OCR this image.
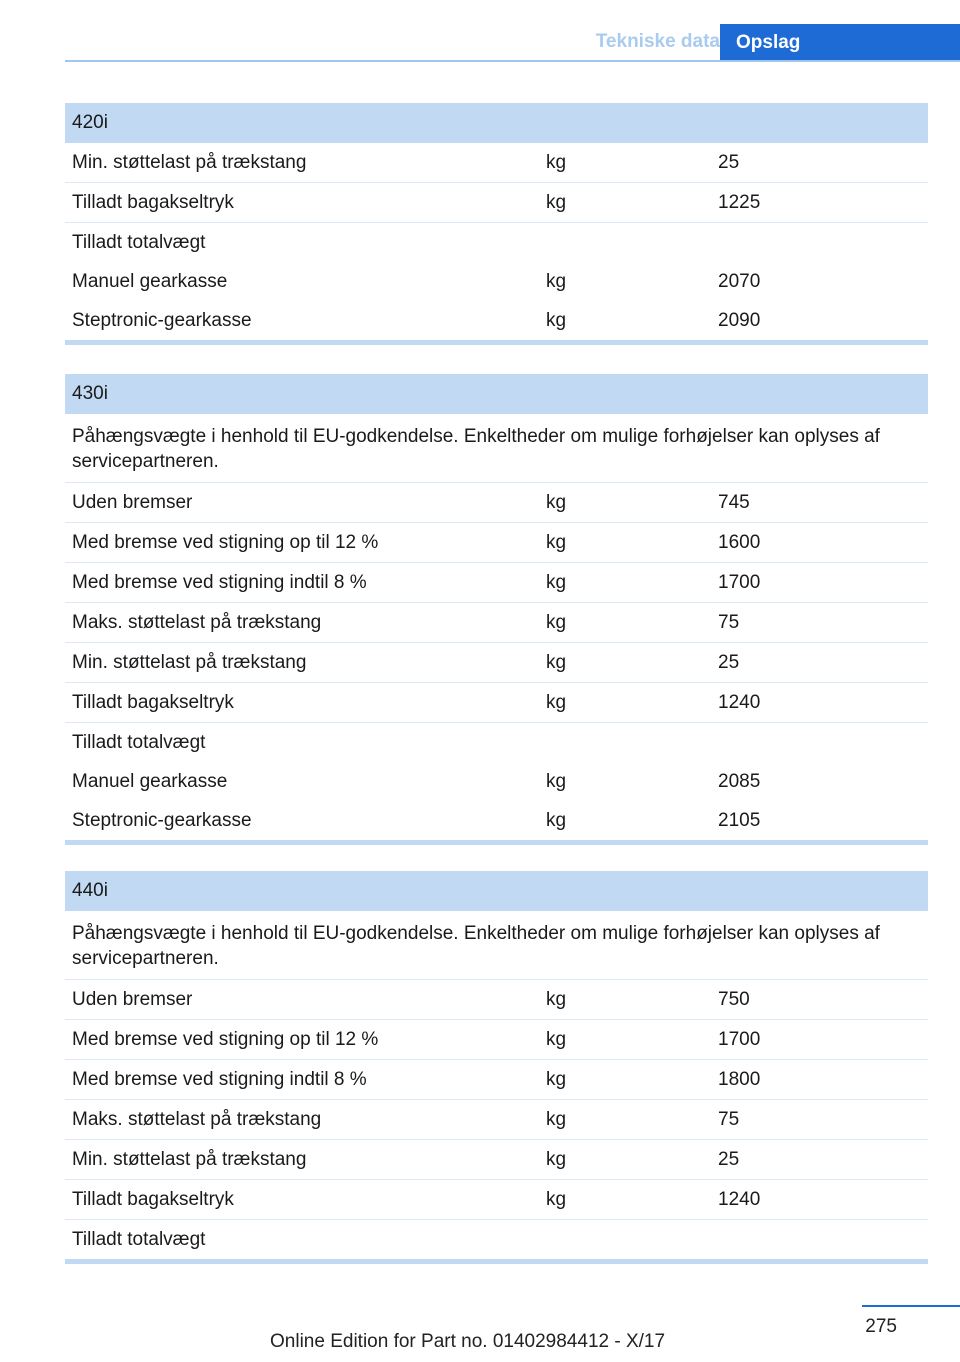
Tekniske data Opslag
420i
Min. støttelast på trækstang	kg	25
Tilladt bagakseltryk	kg	1225
Tilladt totalvægt
Manuel gearkasse	kg	2070
Steptronic-gearkasse	kg	2090
430i
Påhængsvægte i henhold til EU-godkendelse. Enkeltheder om mulige forhøjelser kan oplyses af servicepartneren.
Uden bremser	kg	745
Med bremse ved stigning op til 12 %	kg	1600
Med bremse ved stigning indtil 8 %	kg	1700
Maks. støttelast på trækstang	kg	75
Min. støttelast på trækstang	kg	25
Tilladt bagakseltryk	kg	1240
Tilladt totalvægt
Manuel gearkasse	kg	2085
Steptronic-gearkasse	kg	2105
440i
Påhængsvægte i henhold til EU-godkendelse. Enkeltheder om mulige forhøjelser kan oplyses af servicepartneren.
Uden bremser	kg	750
Med bremse ved stigning op til 12 %	kg	1700
Med bremse ved stigning indtil 8 %	kg	1800
Maks. støttelast på trækstang	kg	75
Min. støttelast på trækstang	kg	25
Tilladt bagakseltryk	kg	1240
Tilladt totalvægt
275
Online Edition for Part no. 01402984412 - X/17
